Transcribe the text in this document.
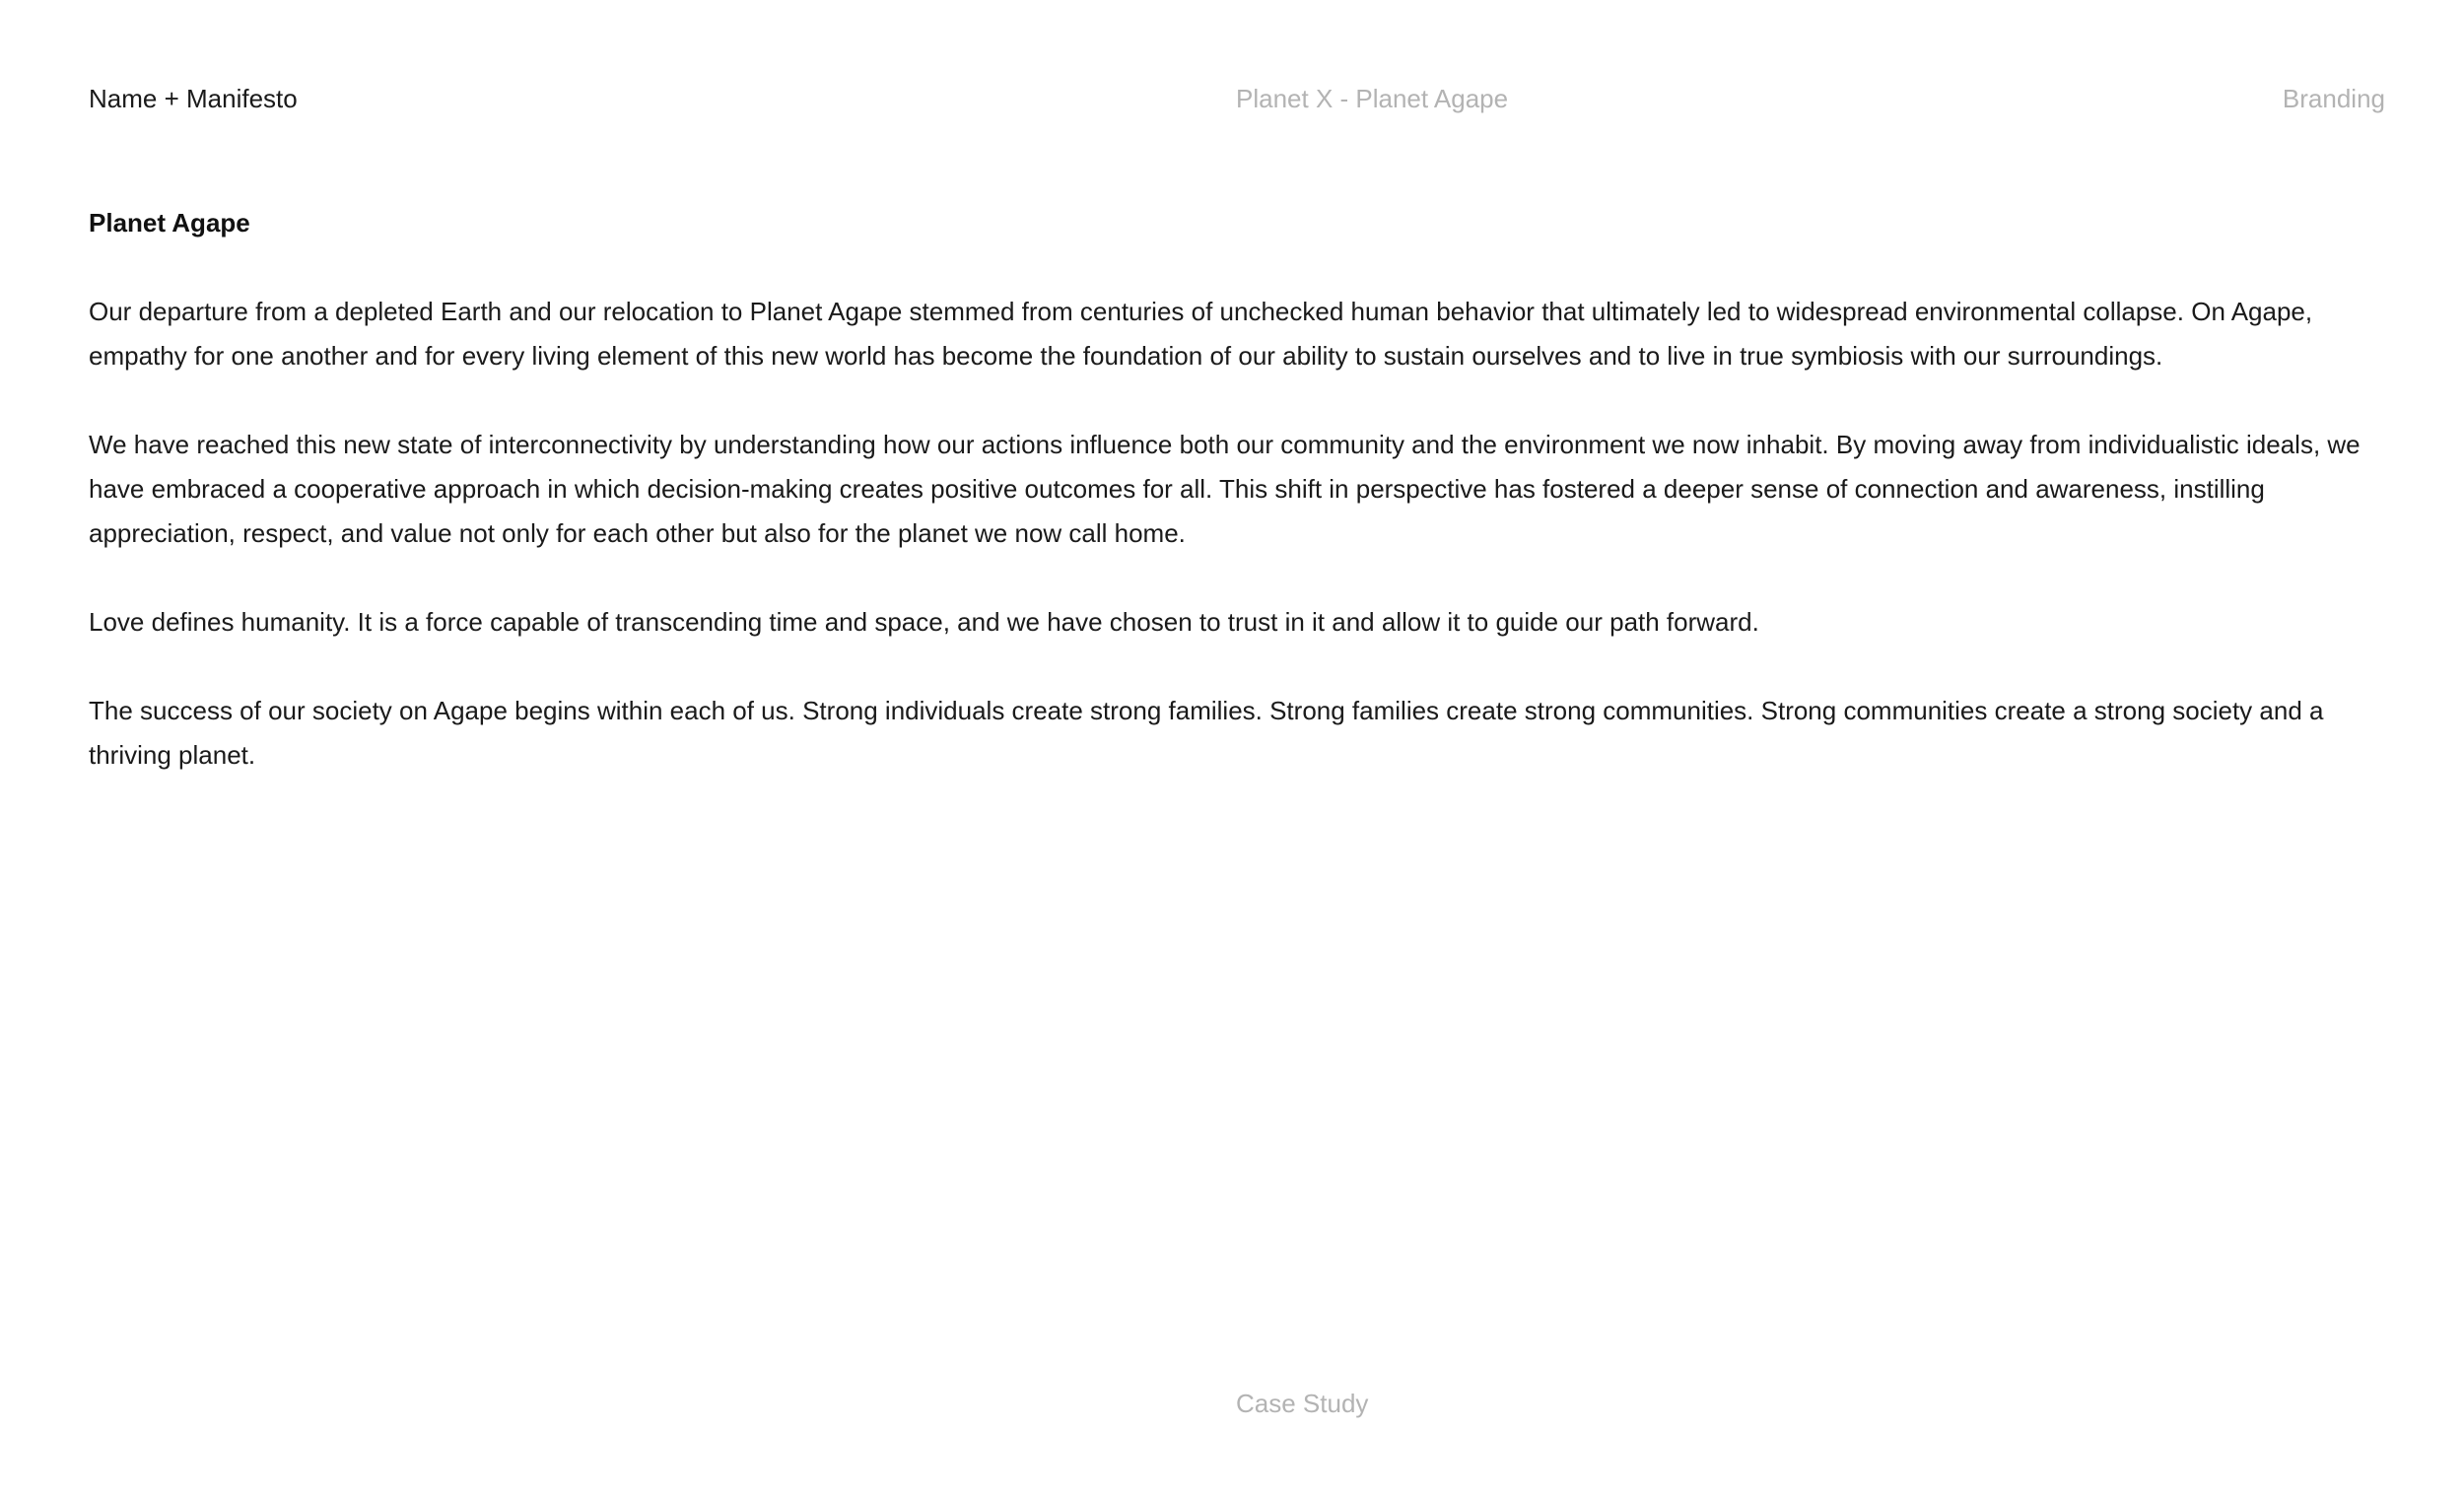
Name + Manifesto	Planet X - Planet Agape	Branding
Planet Agape

Our departure from a depleted Earth and our relocation to Planet Agape stemmed from centuries of unchecked human behavior that ultimately led to widespread environmental collapse. On Agape, empathy for one another and for every living element of this new world has become the foundation of our ability to sustain ourselves and to live in true symbiosis with our surroundings.

We have reached this new state of interconnectivity by understanding how our actions influence both our community and the environment we now inhabit. By moving away from individualistic ideals, we have embraced a cooperative approach in which decision-making creates positive outcomes for all. This shift in perspective has fostered a deeper sense of connection and awareness, instilling appreciation, respect, and value not only for each other but also for the planet we now call home.

Love defines humanity. It is a force capable of transcending time and space, and we have chosen to trust in it and allow it to guide our path forward.

The success of our society on Agape begins within each of us. Strong individuals create strong families. Strong families create strong communities. Strong communities create a strong society and a thriving planet.

Case Study
